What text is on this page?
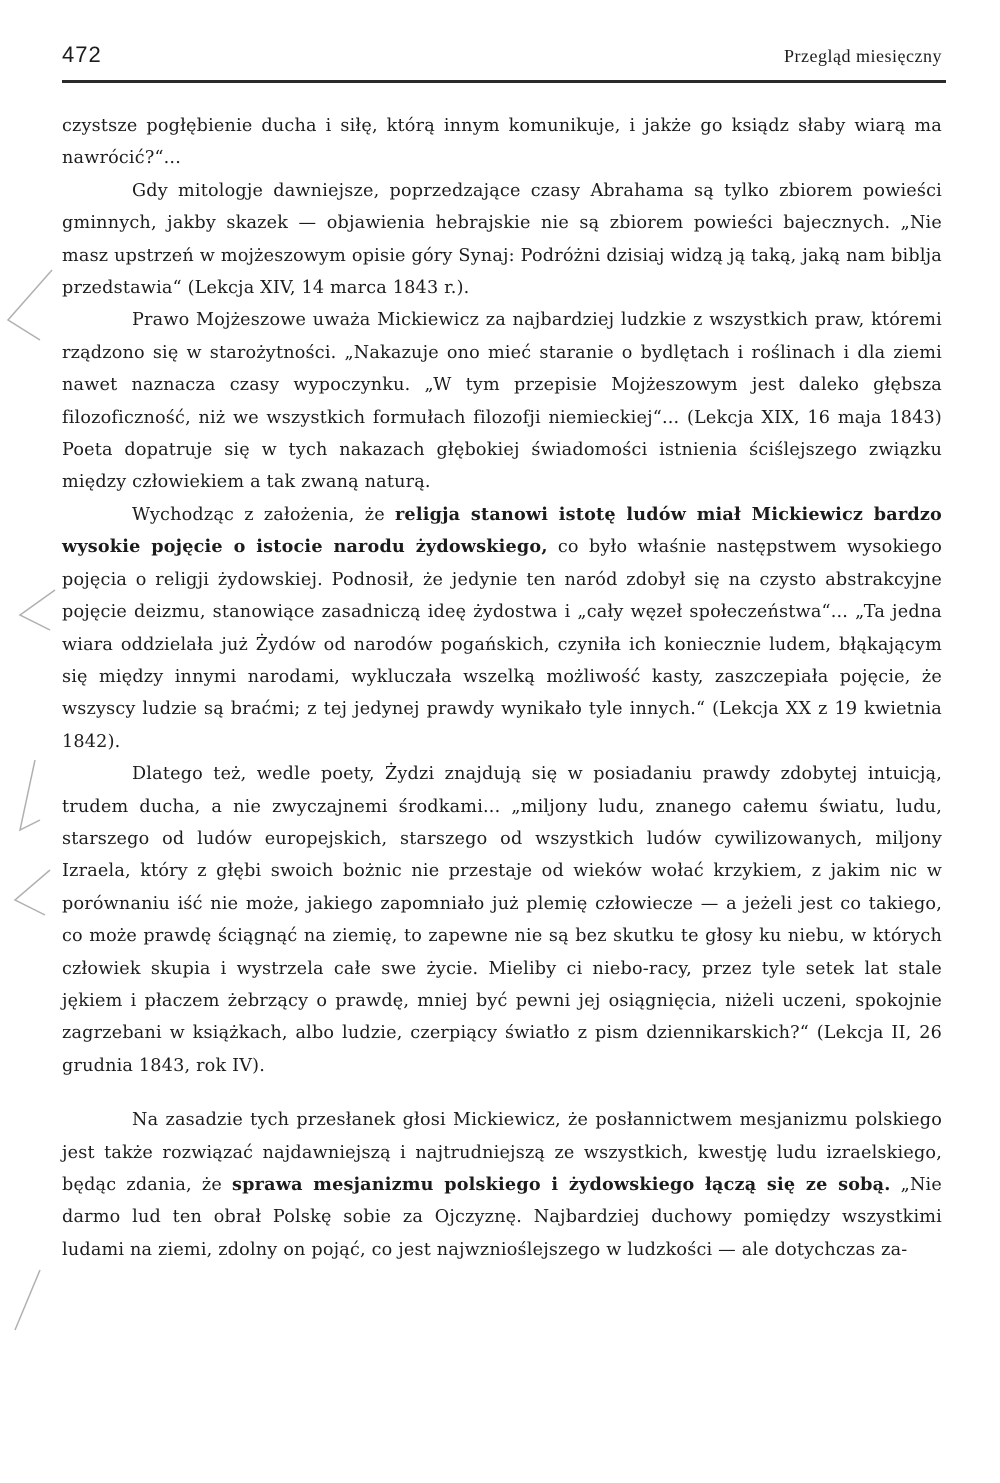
472	Przegląd miesięczny

czystsze pogłębienie ducha i siłę, którą innym komunikuje, i jakże go ksiądz słaby wiarą ma nawrócić?“...

Gdy mitologje dawniejsze, poprzedzające czasy Abrahama są tylko zbiorem powieści gminnych, jakby skazek — objawienia hebrajskie nie są zbiorem powieści bajecznych. „Nie masz upstrzeń w mojżeszowym opisie góry Synaj: Podróżni dzisiaj widzą ją taką, jaką nam biblja przedstawia“ (Lekcja XIV, 14 marca 1843 r.).

Prawo Mojżeszowe uważa Mickiewicz za najbardziej ludzkie z wszystkich praw, któremi rządzono się w starożytności. „Nakazuje ono mieć staranie o bydlętach i roślinach i dla ziemi nawet naznacza czasy wypoczynku. „W tym przepisie Mojżeszowym jest daleko głębsza filozoficzność, niż we wszystkich formułach filozofji niemieckiej“... (Lekcja XIX, 16 maja 1843) Poeta dopatruje się w tych nakazach głębokiej świadomości istnienia ściślejszego związku między człowiekiem a tak zwaną naturą.

Wychodząc z założenia, że religja stanowi istotę ludów miał Mickiewicz bardzo wysokie pojęcie o istocie narodu żydowskiego, co było właśnie następstwem wysokiego pojęcia o religji żydowskiej. Podnosił, że jedynie ten naród zdobył się na czysto abstrakcyjne pojęcie deizmu, stanowiące zasadniczą ideę żydostwa i „cały węzeł społeczeństwa“... „Ta jedna wiara oddzielała już Żydów od narodów pogańskich, czyniła ich koniecznie ludem, błąkającym się między innymi narodami, wykluczała wszelką możliwość kasty, zaszczepiała pojęcie, że wszyscy ludzie są braćmi; z tej jedynej prawdy wynikało tyle innych.“ (Lekcja XX z 19 kwietnia 1842).

Dlatego też, wedle poety, Żydzi znajdują się w posiadaniu prawdy zdobytej intuicją, trudem ducha, a nie zwyczajnemi środkami... „miljony ludu, znanego całemu światu, ludu, starszego od ludów europejskich, starszego od wszystkich ludów cywilizowanych, miljony Izraela, który z głębi swoich bożnic nie przestaje od wieków wołać krzykiem, z jakim nic w porównaniu iść nie może, jakiego zapomniało już plemię człowiecze — a jeżeli jest co takiego, co może prawdę ściągnąć na ziemię, to zapewne nie są bez skutku te głosy ku niebu, w których człowiek skupia i wystrzela całe swe życie. Mieliby ci niebo-racy, przez tyle setek lat stale jękiem i płaczem żebrzący o prawdę, mniej być pewni jej osiągnięcia, niżeli uczeni, spokojnie zagrzebani w książkach, albo ludzie, czerpiący światło z pism dziennikarskich?“ (Lekcja II, 26 grudnia 1843, rok IV).

Na zasadzie tych przesłanek głosi Mickiewicz, że posłannictwem mesjanizmu polskiego jest także rozwiązać najdawniejszą i najtrudniejszą ze wszystkich, kwestję ludu izraelskiego, będąc zdania, że sprawa mesjanizmu polskiego i żydowskiego łączą się ze sobą. „Nie darmo lud ten obrał Polskę sobie za Ojczyznę. Najbardziej duchowy pomiędzy wszystkimi ludami na ziemi, zdolny on pojąć, co jest najwznioślejszego w ludzkości — ale dotychczas za-
